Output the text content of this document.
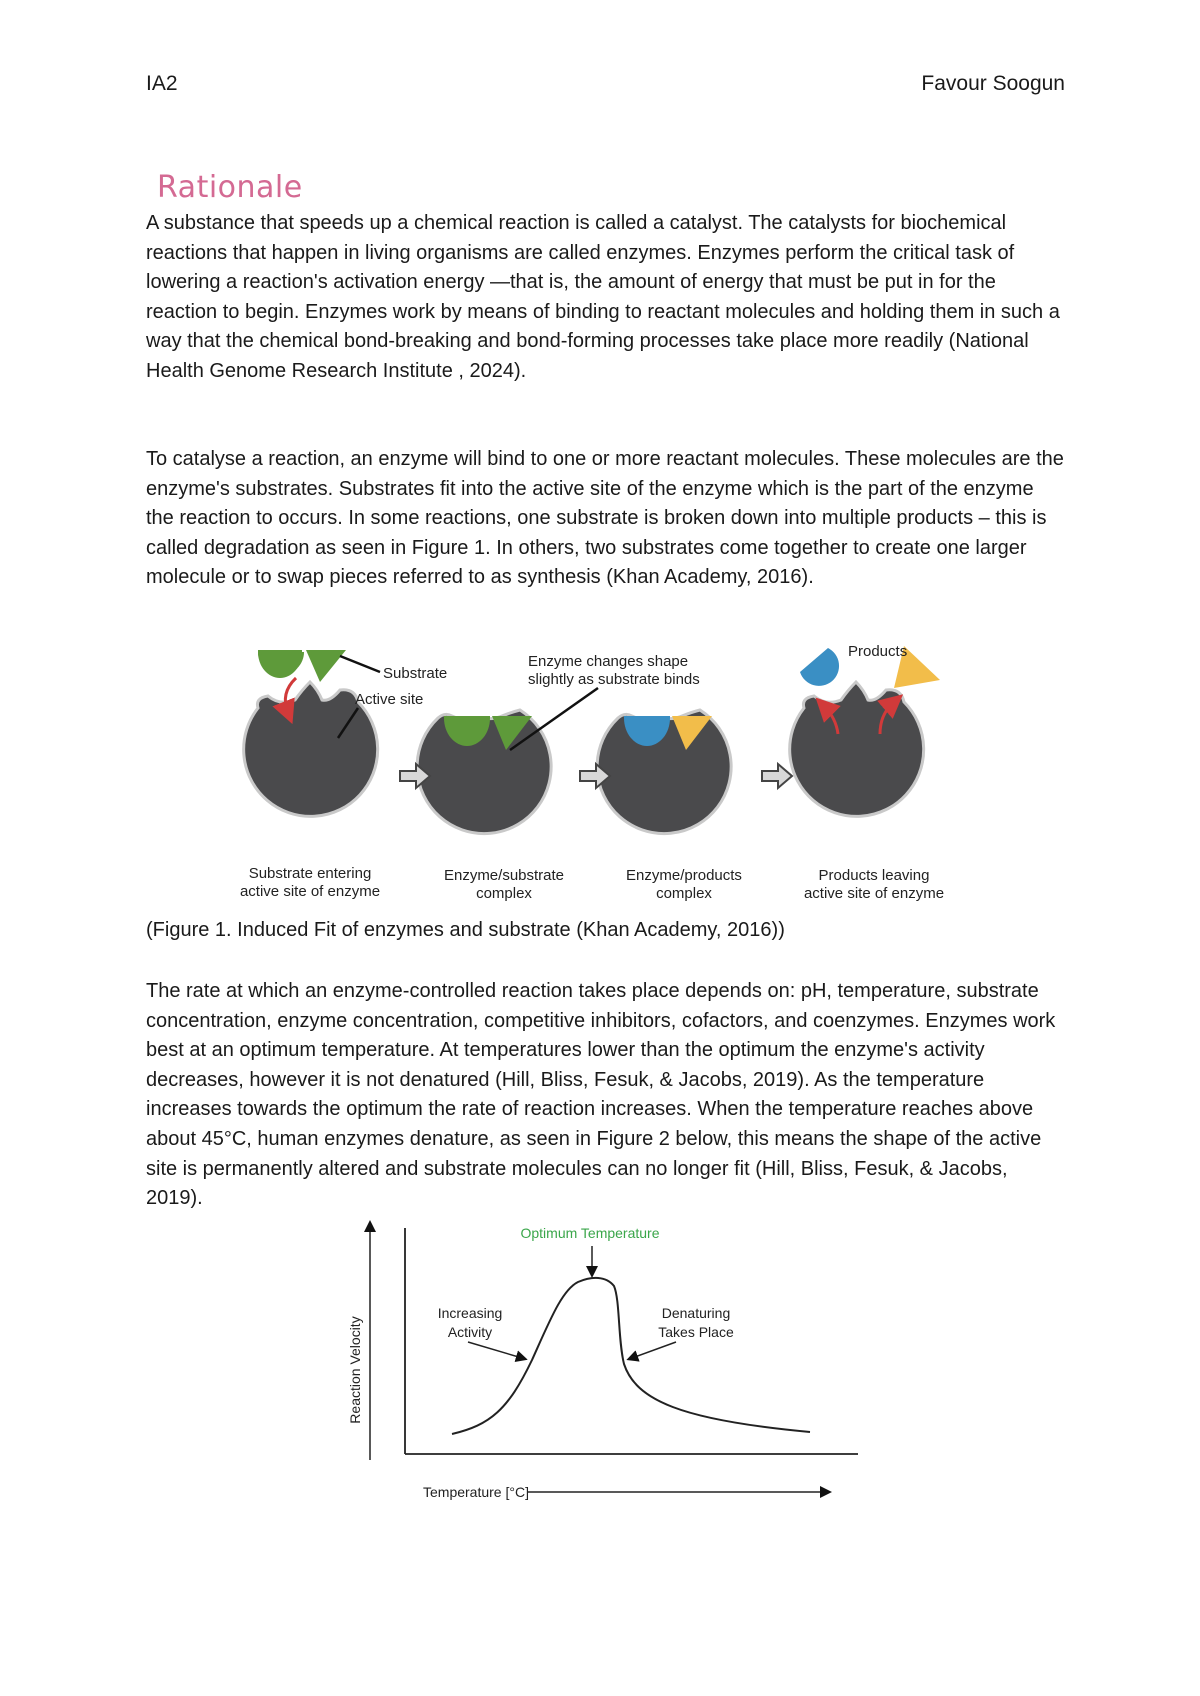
IA2	Favour Soogun
Rationale

A substance that speeds up a chemical reaction is called a catalyst. The catalysts for biochemical reactions that happen in living organisms are called enzymes. Enzymes perform the critical task of lowering a reaction's activation energy —that is, the amount of energy that must be put in for the reaction to begin. Enzymes work by means of binding to reactant molecules and holding them in such a way that the chemical bond-breaking and bond-forming processes take place more readily (National Health Genome Research Institute , 2024).

To catalyse a reaction, an enzyme will bind to one or more reactant molecules. These molecules are the enzyme's substrates. Substrates fit into the active site of the enzyme which is the part of the enzyme the reaction to occurs. In some reactions, one substrate is broken down into multiple products – this is called degradation as seen in Figure 1. In others, two substrates come together to create one larger molecule or to swap pieces referred to as synthesis (Khan Academy, 2016).

Substrate
Active site
Enzyme changes shape
slightly as substrate binds
Products
Substrate entering
active site of enzyme
Enzyme/substrate
complex
Enzyme/products
complex
Products leaving
active site of enzyme
(Figure 1. Induced Fit of enzymes and substrate (Khan Academy, 2016))

The rate at which an enzyme-controlled reaction takes place depends on: pH, temperature, substrate concentration, enzyme concentration, competitive inhibitors, cofactors, and coenzymes. Enzymes work best at an optimum temperature. At temperatures lower than the optimum the enzyme's activity decreases, however it is not denatured (Hill, Bliss, Fesuk, & Jacobs, 2019). As the temperature increases towards the optimum the rate of reaction increases. When the temperature reaches above about 45°C, human enzymes denature, as seen in Figure 2 below, this means the shape of the active site is permanently altered and substrate molecules can no longer fit (Hill, Bliss, Fesuk, & Jacobs, 2019).

Optimum Temperature
Increasing
Activity
Denaturing
Takes Place
Reaction Velocity
Temperature [°C]
